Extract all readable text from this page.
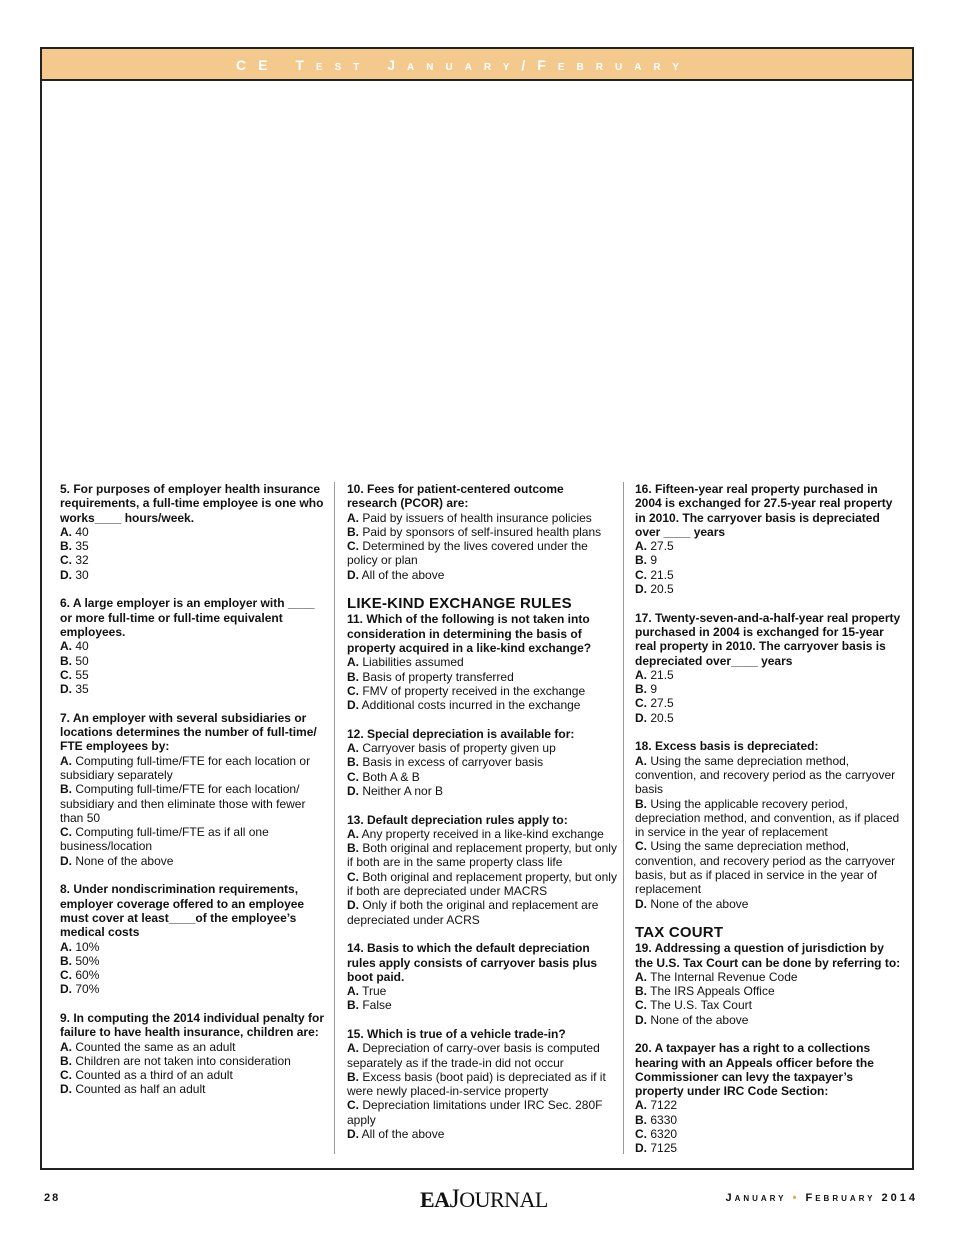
CE Test January/February
5. For purposes of employer health insurance requirements, a full-time employee is one who works____ hours/week.
A. 40
B. 35
C. 32
D. 30
6. A large employer is an employer with ____ or more full-time or full-time equivalent employees.
A. 40
B. 50
C. 55
D. 35
7. An employer with several subsidiaries or locations determines the number of full-time/ FTE employees by:
A. Computing full-time/FTE for each location or subsidiary separately
B. Computing full-time/FTE for each location/ subsidiary and then eliminate those with fewer than 50
C. Computing full-time/FTE as if all one business/location
D. None of the above
8. Under nondiscrimination requirements, employer coverage offered to an employee must cover at least____of the employee’s medical costs
A. 10%
B. 50%
C. 60%
D. 70%
9. In computing the 2014 individual penalty for failure to have health insurance, children are:
A. Counted the same as an adult
B. Children are not taken into consideration
C. Counted as a third of an adult
D. Counted as half an adult
10. Fees for patient-centered outcome research (PCOR) are:
A. Paid by issuers of health insurance policies
B. Paid by sponsors of self-insured health plans
C. Determined by the lives covered under the policy or plan
D. All of the above
LIKE-KIND EXCHANGE RULES
11. Which of the following is not taken into consideration in determining the basis of property acquired in a like-kind exchange?
A. Liabilities assumed
B. Basis of property transferred
C. FMV of property received in the exchange
D. Additional costs incurred in the exchange
12. Special depreciation is available for:
A. Carryover basis of property given up
B. Basis in excess of carryover basis
C. Both A & B
D. Neither A nor B
13. Default depreciation rules apply to:
A. Any property received in a like-kind exchange
B. Both original and replacement property, but only if both are in the same property class life
C. Both original and replacement property, but only if both are depreciated under MACRS
D. Only if both the original and replacement are depreciated under ACRS
14. Basis to which the default depreciation rules apply consists of carryover basis plus boot paid.
A. True
B. False
15. Which is true of a vehicle trade-in?
A. Depreciation of carry-over basis is computed separately as if the trade-in did not occur
B. Excess basis (boot paid) is depreciated as if it were newly placed-in-service property
C. Depreciation limitations under IRC Sec. 280F apply
D. All of the above
16. Fifteen-year real property purchased in 2004 is exchanged for 27.5-year real property in 2010. The carryover basis is depreciated over ____ years
A. 27.5
B. 9
C. 21.5
D. 20.5
17. Twenty-seven-and-a-half-year real property purchased in 2004 is exchanged for 15-year real property in 2010. The carryover basis is depreciated over____ years
A. 21.5
B. 9
C. 27.5
D. 20.5
18. Excess basis is depreciated:
A. Using the same depreciation method, convention, and recovery period as the carryover basis
B. Using the applicable recovery period, depreciation method, and convention, as if placed in service in the year of replacement
C. Using the same depreciation method, convention, and recovery period as the carryover basis, but as if placed in service in the year of replacement
D. None of the above
TAX COURT
19. Addressing a question of jurisdiction by the U.S. Tax Court can be done by referring to:
A. The Internal Revenue Code
B. The IRS Appeals Office
C. The U.S. Tax Court
D. None of the above
20. A taxpayer has a right to a collections hearing with an Appeals officer before the Commissioner can levy the taxpayer’s property under IRC Code Section:
A. 7122
B. 6330
C. 6320
D. 7125
28	EAJOURNAL	January • February 2014
